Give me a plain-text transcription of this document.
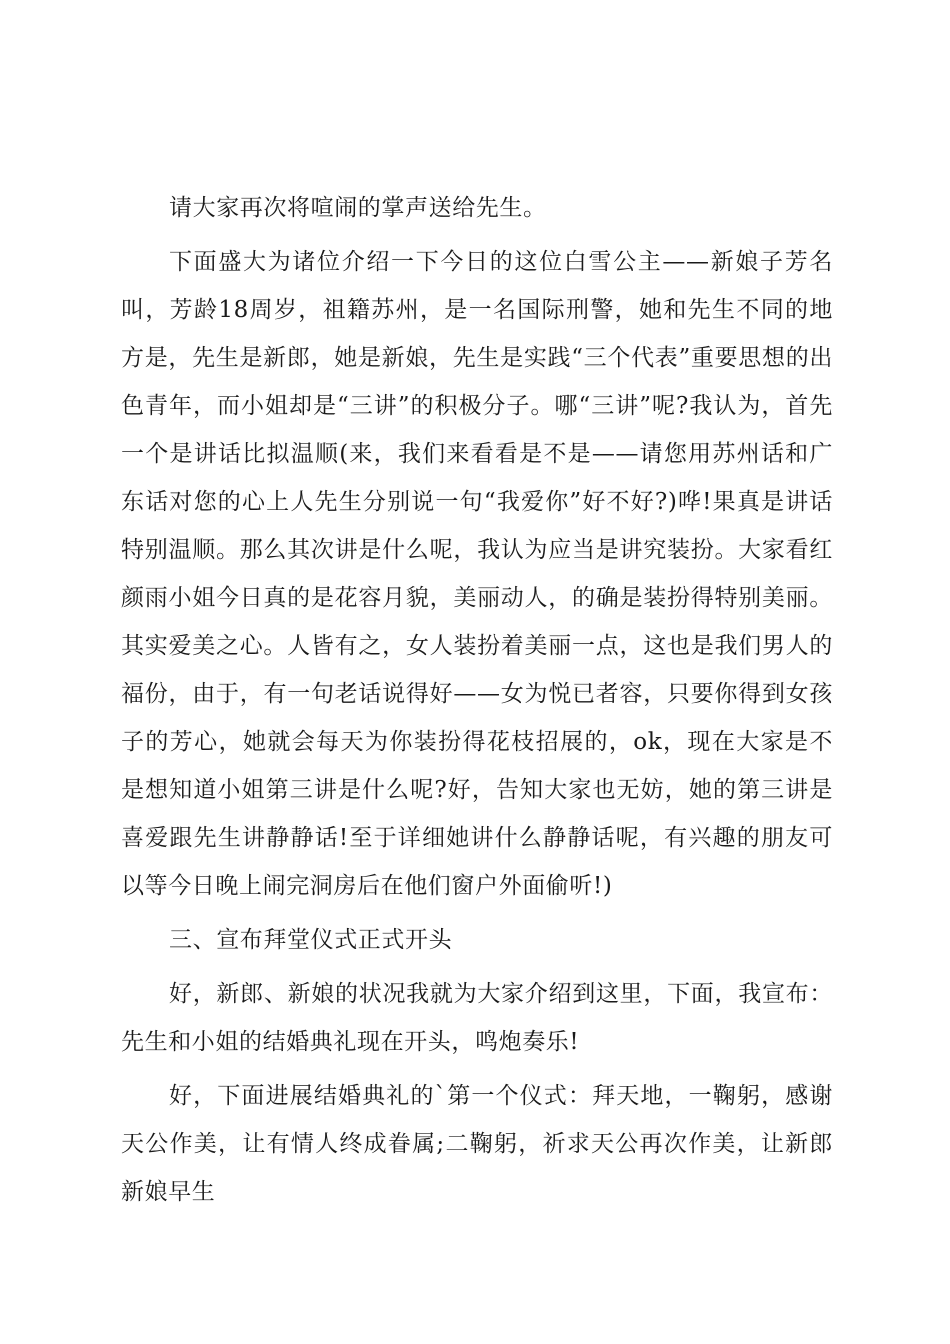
请大家再次将喧闹的掌声送给先生。

下面盛大为诸位介绍一下今日的这位白雪公主——新娘子芳名叫，芳龄18周岁，祖籍苏州，是一名国际刑警，她和先生不同的地方是，先生是新郎，她是新娘，先生是实践“三个代表”重要思想的出色青年，而小姐却是“三讲”的积极分子。哪“三讲”呢?我认为，首先一个是讲话比拟温顺(来，我们来看看是不是——请您用苏州话和广东话对您的心上人先生分别说一句“我爱你”好不好?)哗!果真是讲话特别温顺。那么其次讲是什么呢，我认为应当是讲究装扮。大家看红颜雨小姐今日真的是花容月貌，美丽动人，的确是装扮得特别美丽。其实爱美之心。人皆有之，女人装扮着美丽一点，这也是我们男人的福份，由于，有一句老话说得好——女为悦已者容，只要你得到女孩子的芳心，她就会每天为你装扮得花枝招展的，ok，现在大家是不是想知道小姐第三讲是什么呢?好，告知大家也无妨，她的第三讲是喜爱跟先生讲静静话!至于详细她讲什么静静话呢，有兴趣的朋友可以等今日晚上闹完洞房后在他们窗户外面偷听!)

三、宣布拜堂仪式正式开头

好，新郎、新娘的状况我就为大家介绍到这里，下面，我宣布：先生和小姐的结婚典礼现在开头，鸣炮奏乐!

好，下面进展结婚典礼的`第一个仪式：拜天地，一鞠躬，感谢天公作美，让有情人终成眷属;二鞠躬，祈求天公再次作美，让新郎新娘早生
